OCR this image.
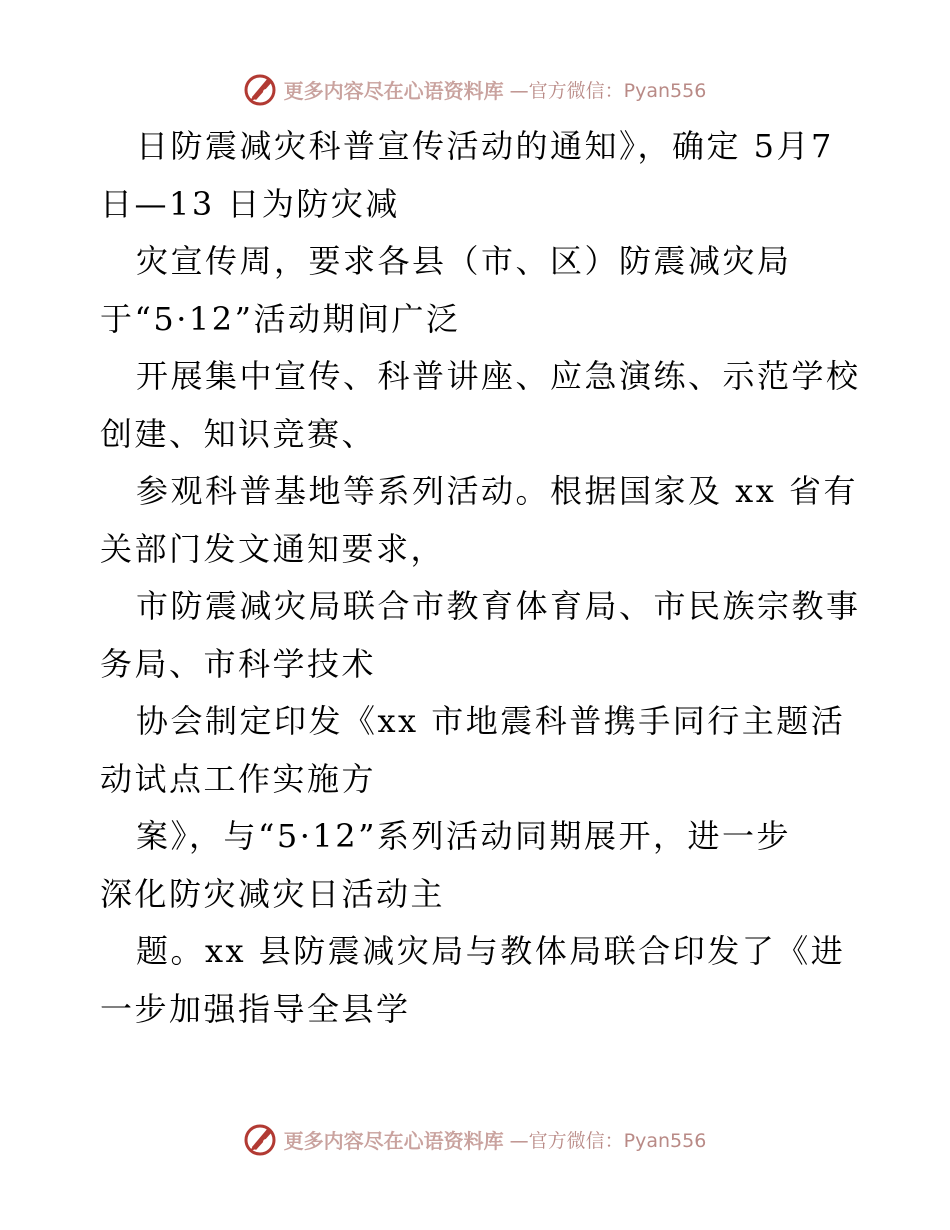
更多内容尽在心语资料库 —官方微信：Pyan556
日防震减灾科普宣传活动的通知》，确定 5月7
日—13 日为防灾减
灾宣传周，要求各县（市、区）防震减灾局
于“5·12”活动期间广泛
开展集中宣传、科普讲座、应急演练、示范学校
创建、知识竞赛、
参观科普基地等系列活动。根据国家及 xx 省有
关部门发文通知要求，
市防震减灾局联合市教育体育局、市民族宗教事
务局、市科学技术
协会制定印发《xx 市地震科普携手同行主题活
动试点工作实施方
案》，与“5·12”系列活动同期展开，进一步
深化防灾减灾日活动主
题。xx 县防震减灾局与教体局联合印发了《进
一步加强指导全县学
更多内容尽在心语资料库 —官方微信：Pyan556
